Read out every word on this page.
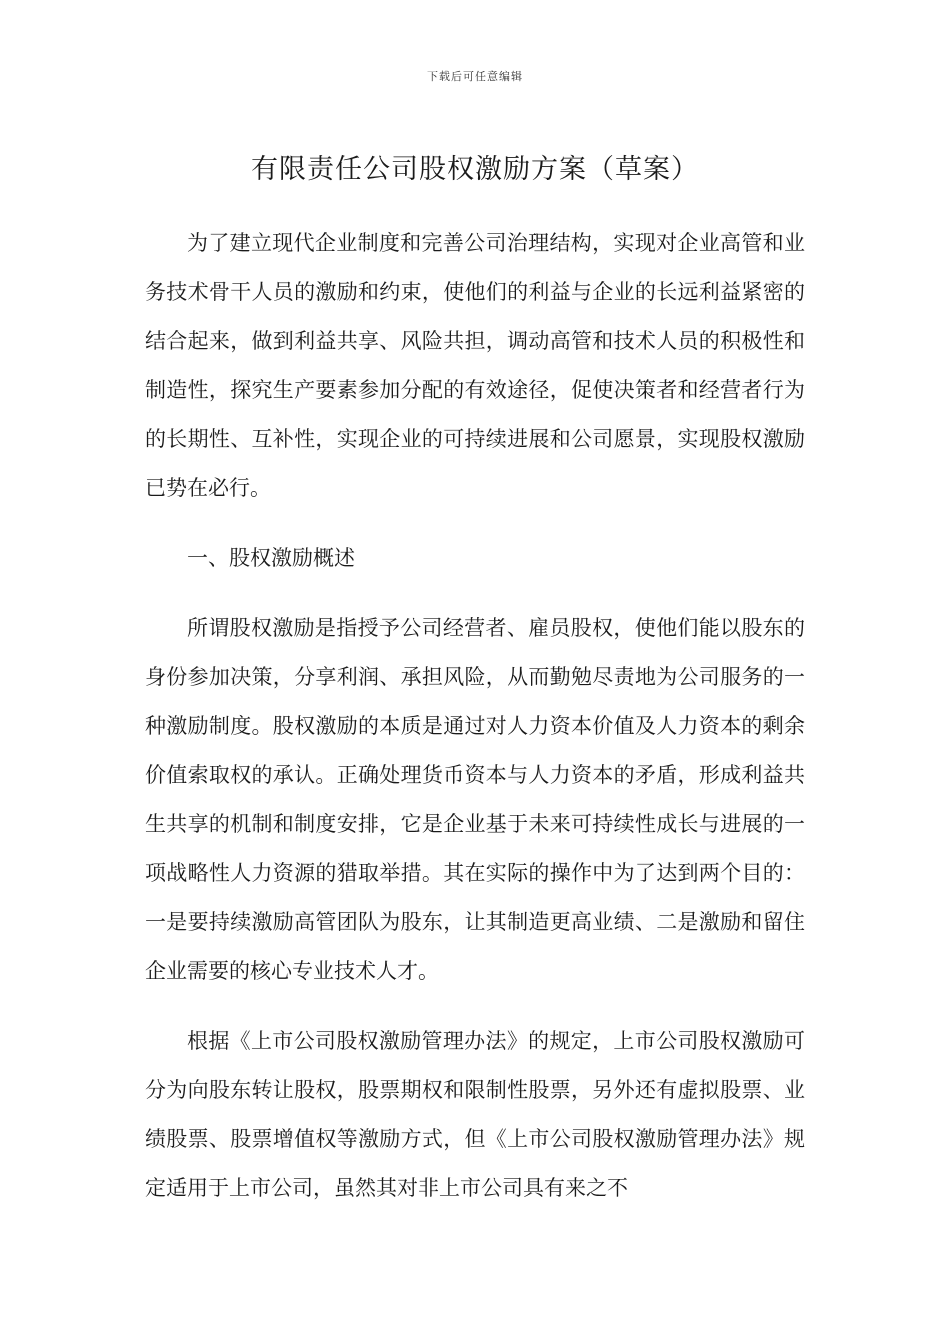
下载后可任意编辑
有限责任公司股权激励方案（草案）

为了建立现代企业制度和完善公司治理结构，实现对企业高管和业务技术骨干人员的激励和约束，使他们的利益与企业的长远利益紧密的结合起来，做到利益共享、风险共担，调动高管和技术人员的积极性和制造性，探究生产要素参加分配的有效途径，促使决策者和经营者行为的长期性、互补性，实现企业的可持续进展和公司愿景，实现股权激励已势在必行。

一、股权激励概述

所谓股权激励是指授予公司经营者、雇员股权，使他们能以股东的身份参加决策，分享利润、承担风险，从而勤勉尽责地为公司服务的一种激励制度。股权激励的本质是通过对人力资本价值及人力资本的剩余价值索取权的承认。正确处理货币资本与人力资本的矛盾，形成利益共生共享的机制和制度安排，它是企业基于未来可持续性成长与进展的一项战略性人力资源的猎取举措。其在实际的操作中为了达到两个目的：一是要持续激励高管团队为股东，让其制造更高业绩、二是激励和留住企业需要的核心专业技术人才。

根据《上市公司股权激励管理办法》的规定，上市公司股权激励可分为向股东转让股权，股票期权和限制性股票，另外还有虚拟股票、业绩股票、股票增值权等激励方式，但《上市公司股权激励管理办法》规定适用于上市公司，虽然其对非上市公司具有来之不
